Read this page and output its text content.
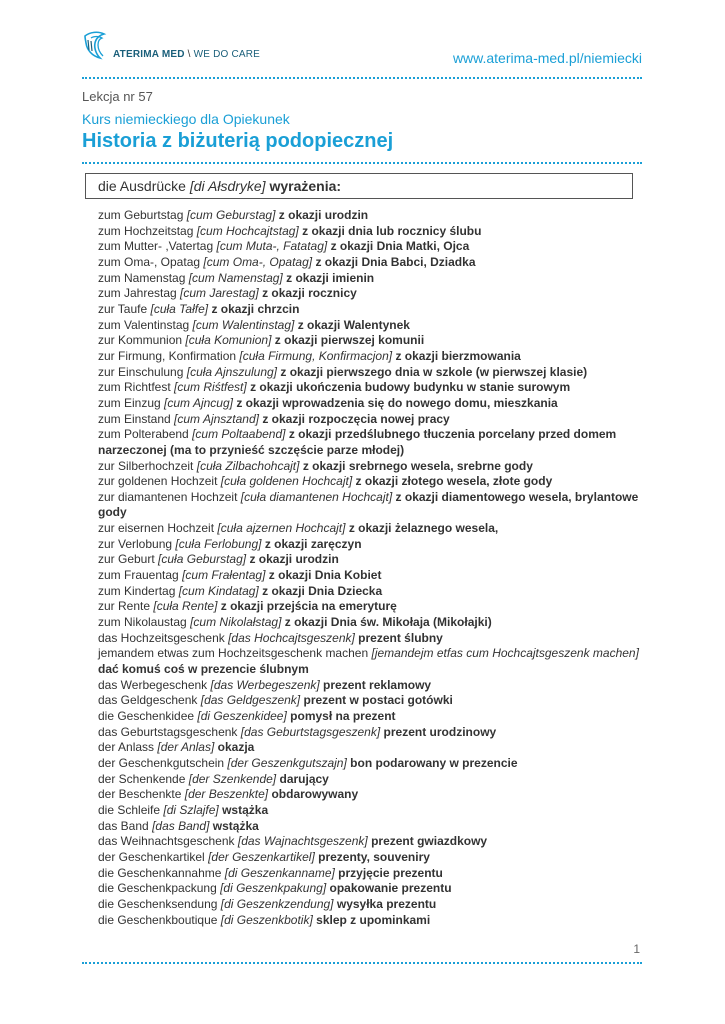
ATERIMA MED \ WE DO CARE	www.aterima-med.pl/niemiecki
Lekcja nr 57
Kurs niemieckiego dla Opiekunek
Historia z biżuterią podopiecznej
die Ausdrücke [di Ałsdryke] wyrażenia:
zum Geburtstag [cum Geburstag] z okazji urodzin
zum Hochzeitstag [cum Hochcajtstag] z okazji dnia lub rocznicy ślubu
zum Mutter- ,Vatertag [cum Muta-, Fatatag] z okazji Dnia Matki, Ojca
zum Oma-, Opatag [cum Oma-, Opatag] z okazji Dnia Babci, Dziadka
zum Namenstag [cum Namenstag] z okazji imienin
zum Jahrestag [cum Jarestag] z okazji rocznicy
zur Taufe [cuła Tałfe] z okazji chrzcin
zum Valentinstag [cum Walentinstag] z okazji Walentynek
zur Kommunion [cuła Komunion] z okazji pierwszej komunii
zur Firmung, Konfirmation [cuła Firmung, Konfirmacjon] z okazji bierzmowania
zur Einschulung [cuła Ajnszulung] z okazji pierwszego dnia w szkole (w pierwszej klasie)
zum Richtfest [cum Riśtfest] z okazji ukończenia budowy budynku w stanie surowym
zum Einzug [cum Ajncug] z okazji wprowadzenia się do nowego domu, mieszkania
zum Einstand [cum Ajnsztand] z okazji rozpoczęcia nowej pracy
zum Polterabend [cum Poltaabend] z okazji przedślubnego tłuczenia porcelany przed domem narzeczonej (ma to przynieść szczęście parze młodej)
zur Silberhochzeit [cuła Zilbachohcajt] z okazji srebrnego wesela, srebrne gody
zur goldenen Hochzeit [cuła goldenen Hochcajt] z okazji złotego wesela, złote gody
zur diamantenen Hochzeit [cuła diamantenen Hochcajt] z okazji diamentowego wesela, brylantowe gody
zur eisernen Hochzeit [cuła ajzernen Hochcajt] z okazji żelaznego wesela,
zur Verlobung [cuła Ferlobung] z okazji zaręczyn
zur Geburt [cuła Geburstag] z okazji urodzin
zum Frauentag [cum Frałentag] z okazji Dnia Kobiet
zum Kindertag [cum Kindatag] z okazji Dnia Dziecka
zur Rente [cuła Rente] z okazji przejścia na emeryturę
zum Nikolaustag [cum Nikolałstag] z okazji Dnia św. Mikołaja (Mikołajki)
das Hochzeitsgeschenk [das Hochcajtsgeszenk] prezent ślubny
jemandem etwas zum Hochzeitsgeschenk machen [jemandejm etfas cum Hochcajtsgeszenk machen] dać komuś coś w prezencie ślubnym
das Werbegeschenk [das Werbegeszenk] prezent reklamowy
das Geldgeschenk [das Geldgeszenk] prezent w postaci gotówki
die Geschenkidee [di Geszenkidee] pomysł na prezent
das Geburtstagsgeschenk [das Geburtstagsgeszenk] prezent urodzinowy
der Anlass [der Anlas] okazja
der Geschenkgutschein [der Geszenkgutszajn] bon podarowany w prezencie
der Schenkende [der Szenkende] darujący
der Beschenkte [der Beszenkte] obdarowywany
die Schleife [di Szlajfe] wstążka
das Band [das Band] wstążka
das Weihnachtsgeschenk [das Wajnachtsgeszenk] prezent gwiazdkowy
der Geschenkartikel [der Geszenkartikel] prezenty, souveniry
die Geschenkannahme [di Geszenkanname] przyjęcie prezentu
die Geschenkpackung [di Geszenkpakung] opakowanie prezentu
die Geschenksendung [di Geszenkzendung] wysyłka prezentu
die Geschenkboutique [di Geszenkbotik] sklep z upominkami
1
